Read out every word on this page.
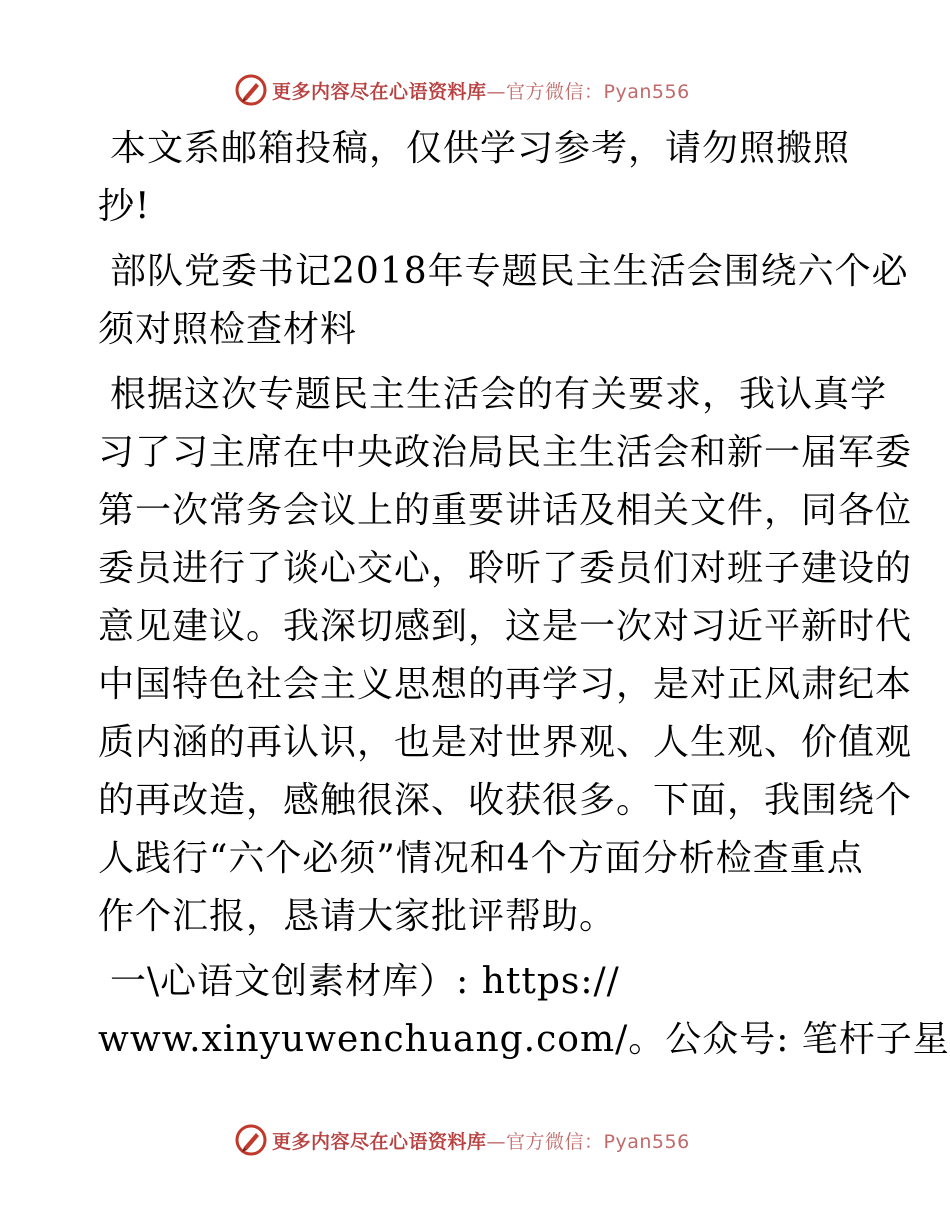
更多内容尽在心语资料库—官方微信：Pyan556
本文系邮箱投稿，仅供学习参考，请勿照搬照
抄!
部队党委书记2018年专题民主生活会围绕六个必
须对照检查材料
根据这次专题民主生活会的有关要求，我认真学
习了习主席在中央政治局民主生活会和新一届军委
第一次常务会议上的重要讲话及相关文件，同各位
委员进行了谈心交心，聆听了委员们对班子建设的
意见建议。我深切感到，这是一次对习近平新时代
中国特色社会主义思想的再学习，是对正风肃纪本
质内涵的再认识，也是对世界观、人生观、价值观
的再改造，感触很深、收获很多。下面，我围绕个
人践行“六个必须”情况和4个方面分析检查重点
作个汇报，恳请大家批评帮助。
一\心语文创素材库）: https://
www.xinyuwenchuang.com/。公众号: 笔杆子星
更多内容尽在心语资料库—官方微信：Pyan556
